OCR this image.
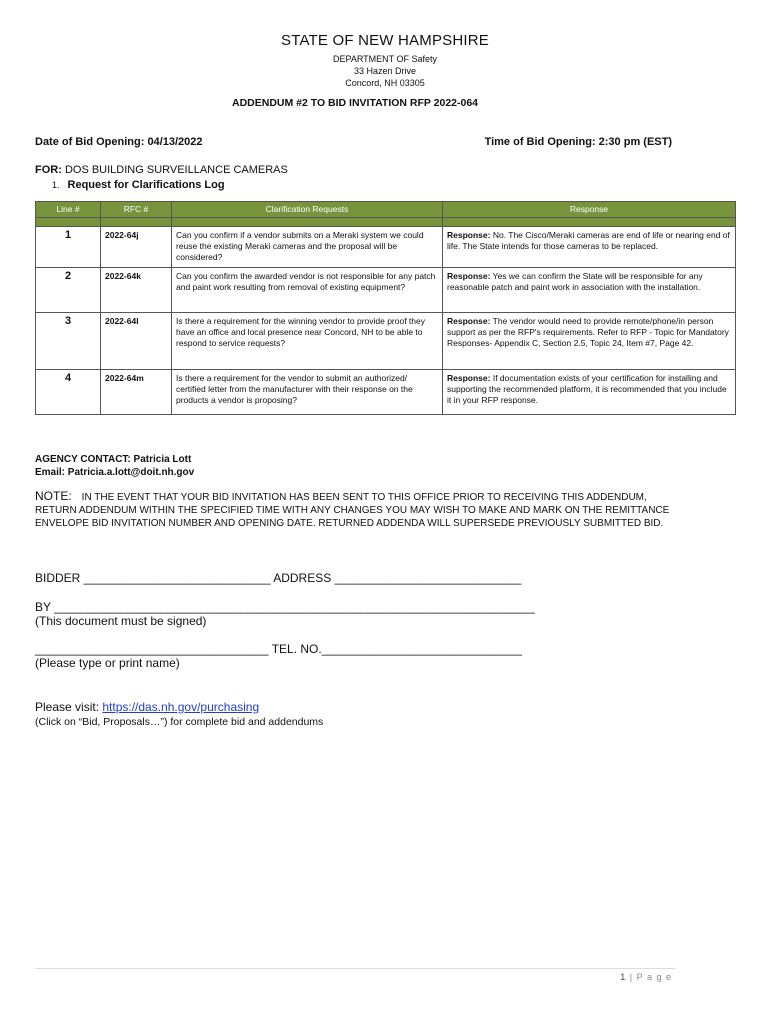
STATE OF NEW HAMPSHIRE
DEPARTMENT OF Safety
33 Hazen Drive
Concord, NH 03305
ADDENDUM #2 TO BID INVITATION RFP 2022-064
Date of Bid Opening: 04/13/2022	Time of Bid Opening: 2:30 pm (EST)
FOR: DOS BUILDING SURVEILLANCE CAMERAS
1. Request for Clarifications Log
Line #	RFC #	Clarification Requests	Response

1	2022-64j	Can you confirm if a vendor submits on a Meraki system we could reuse the existing Meraki cameras and the proposal will be considered?	Response: No. The Cisco/Meraki cameras are end of life or nearing end of life. The State intends for those cameras to be replaced.
2	2022-64k	Can you confirm the awarded vendor is not responsible for any patch and paint work resulting from removal of existing equipment?	Response: Yes we can confirm the State will be responsible for any reasonable patch and paint work in association with the installation.
3	2022-64l	Is there a requirement for the winning vendor to provide proof they have an office and local presence near Concord, NH to be able to respond to service requests?	Response: The vendor would need to provide remote/phone/in person support as per the RFP's requirements. Refer to RFP - Topic for Mandatory Responses- Appendix C, Section 2.5, Topic 24, Item #7, Page 42.
4	2022-64m	Is there a requirement for the vendor to submit an authorized/ certified letter from the manufacturer with their response on the products a vendor is proposing?	Response: If documentation exists of your certification for installing and supporting the recommended platform, it is recommended that you include it in your RFP response.
AGENCY CONTACT: Patricia Lott
Email: Patricia.a.lott@doit.nh.gov
NOTE: IN THE EVENT THAT YOUR BID INVITATION HAS BEEN SENT TO THIS OFFICE PRIOR TO RECEIVING THIS ADDENDUM, RETURN ADDENDUM WITHIN THE SPECIFIED TIME WITH ANY CHANGES YOU MAY WISH TO MAKE AND MARK ON THE REMITTANCE ENVELOPE BID INVITATION NUMBER AND OPENING DATE. RETURNED ADDENDA WILL SUPERSEDE PREVIOUSLY SUBMITTED BID.
BIDDER ____________________________ ADDRESS ____________________________
BY ________________________________________________________________________
(This document must be signed)
___________________________________ TEL. NO.______________________________
(Please type or print name)
Please visit: https://das.nh.gov/purchasing
(Click on “Bid, Proposals…”) for complete bid and addendums
1 | P a g e
